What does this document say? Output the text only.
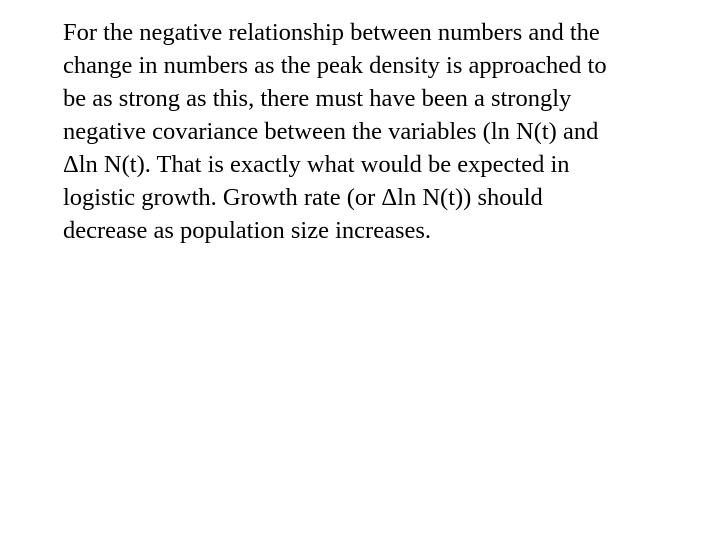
For the negative relationship between numbers and the
change in numbers as the peak density is approached to
be as strong as this, there must have been a strongly
negative covariance between the variables (ln N(t) and
Δln N(t). That is exactly what would be expected in
logistic growth. Growth rate (or Δln N(t)) should
decrease as population size increases.
